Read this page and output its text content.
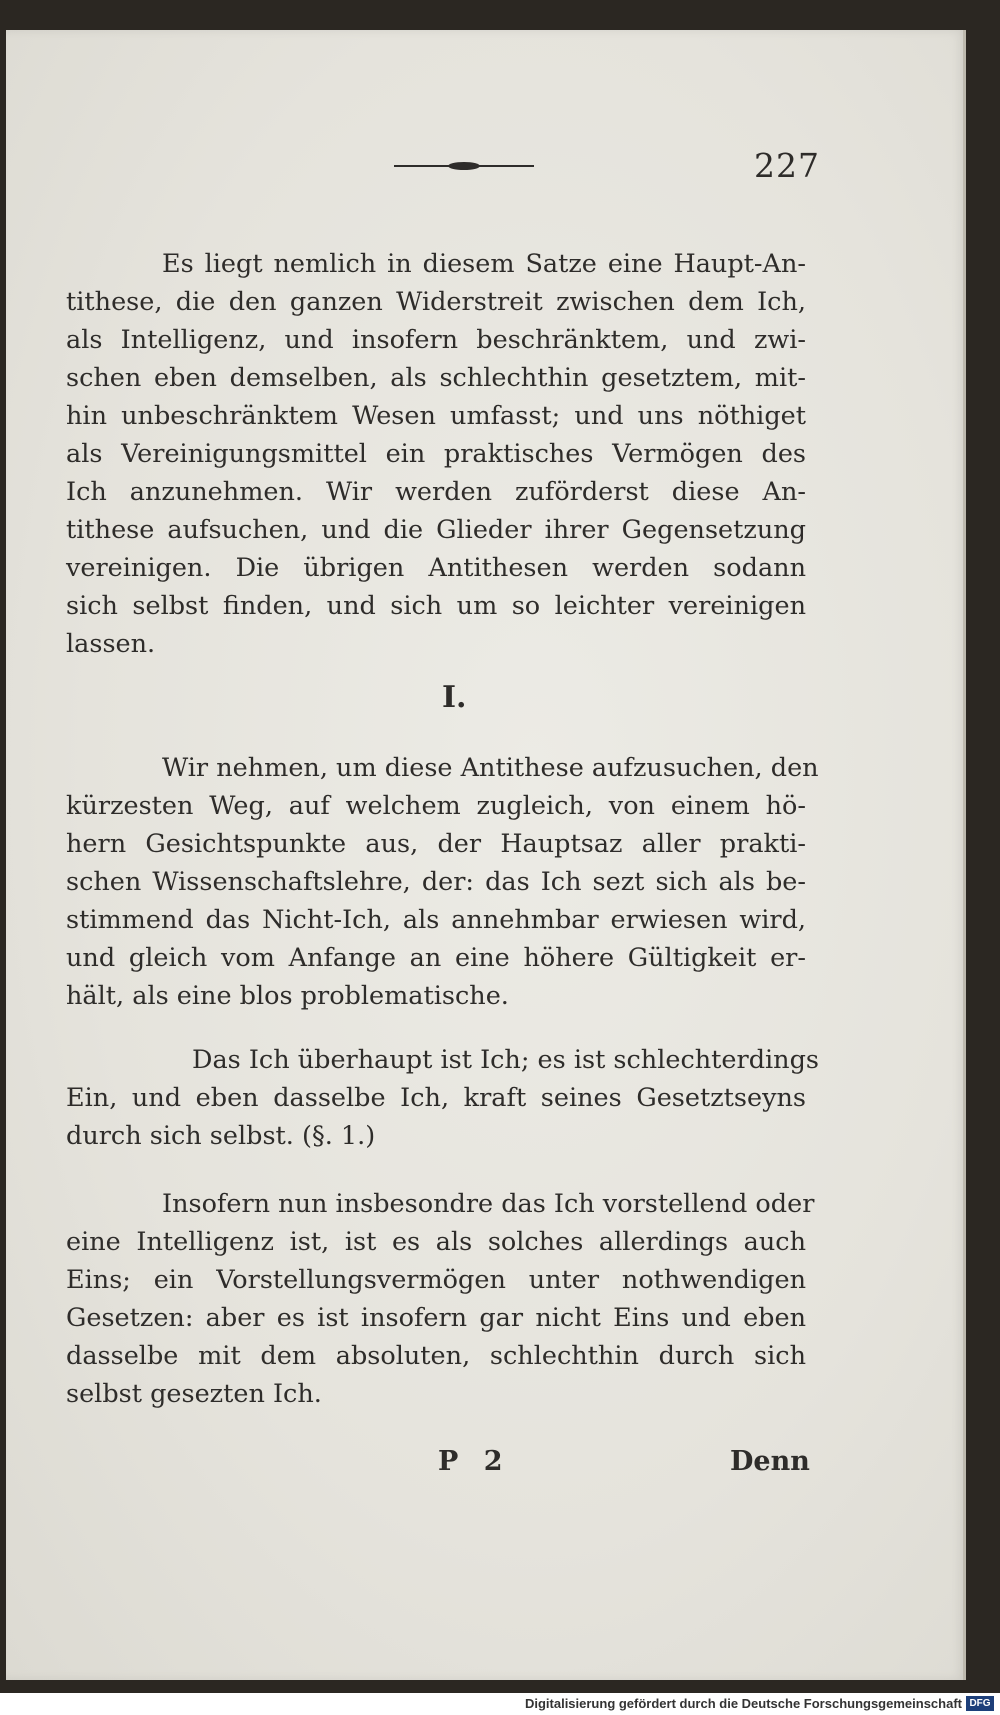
227
Es liegt nemlich in diesem Satze eine Haupt-An-
tithese, die den ganzen Widerstreit zwischen dem Ich,
als Intelligenz, und insofern beschränktem, und zwi-
schen eben demselben, als schlechthin gesetztem, mit-
hin unbeschränktem Wesen umfasst; und uns nöthiget
als Vereinigungsmittel ein praktisches Vermögen des
Ich anzunehmen. Wir werden zuförderst diese An-
tithese aufsuchen, und die Glieder ihrer Gegensetzung
vereinigen. Die übrigen Antithesen werden sodann
sich selbst finden, und sich um so leichter vereinigen
lassen.
I.
Wir nehmen, um diese Antithese aufzusuchen, den
kürzesten Weg, auf welchem zugleich, von einem hö-
hern Gesichtspunkte aus, der Hauptsaz aller prakti-
schen Wissenschaftslehre, der: das Ich sezt sich als be-
stimmend das Nicht-Ich, als annehmbar erwiesen wird,
und gleich vom Anfange an eine höhere Gültigkeit er-
hält, als eine blos problematische.
Das Ich überhaupt ist Ich; es ist schlechterdings
Ein, und eben dasselbe Ich, kraft seines Gesetztseyns
durch sich selbst. (§. 1.)
Insofern nun insbesondre das Ich vorstellend oder
eine Intelligenz ist, ist es als solches allerdings auch
Eins; ein Vorstellungsvermögen unter nothwendigen
Gesetzen: aber es ist insofern gar nicht Eins und eben
dasselbe mit dem absoluten, schlechthin durch sich
selbst gesezten Ich.
P 2	Denn
Digitalisierung gefördert durch die Deutsche Forschungsgemeinschaft DFG
